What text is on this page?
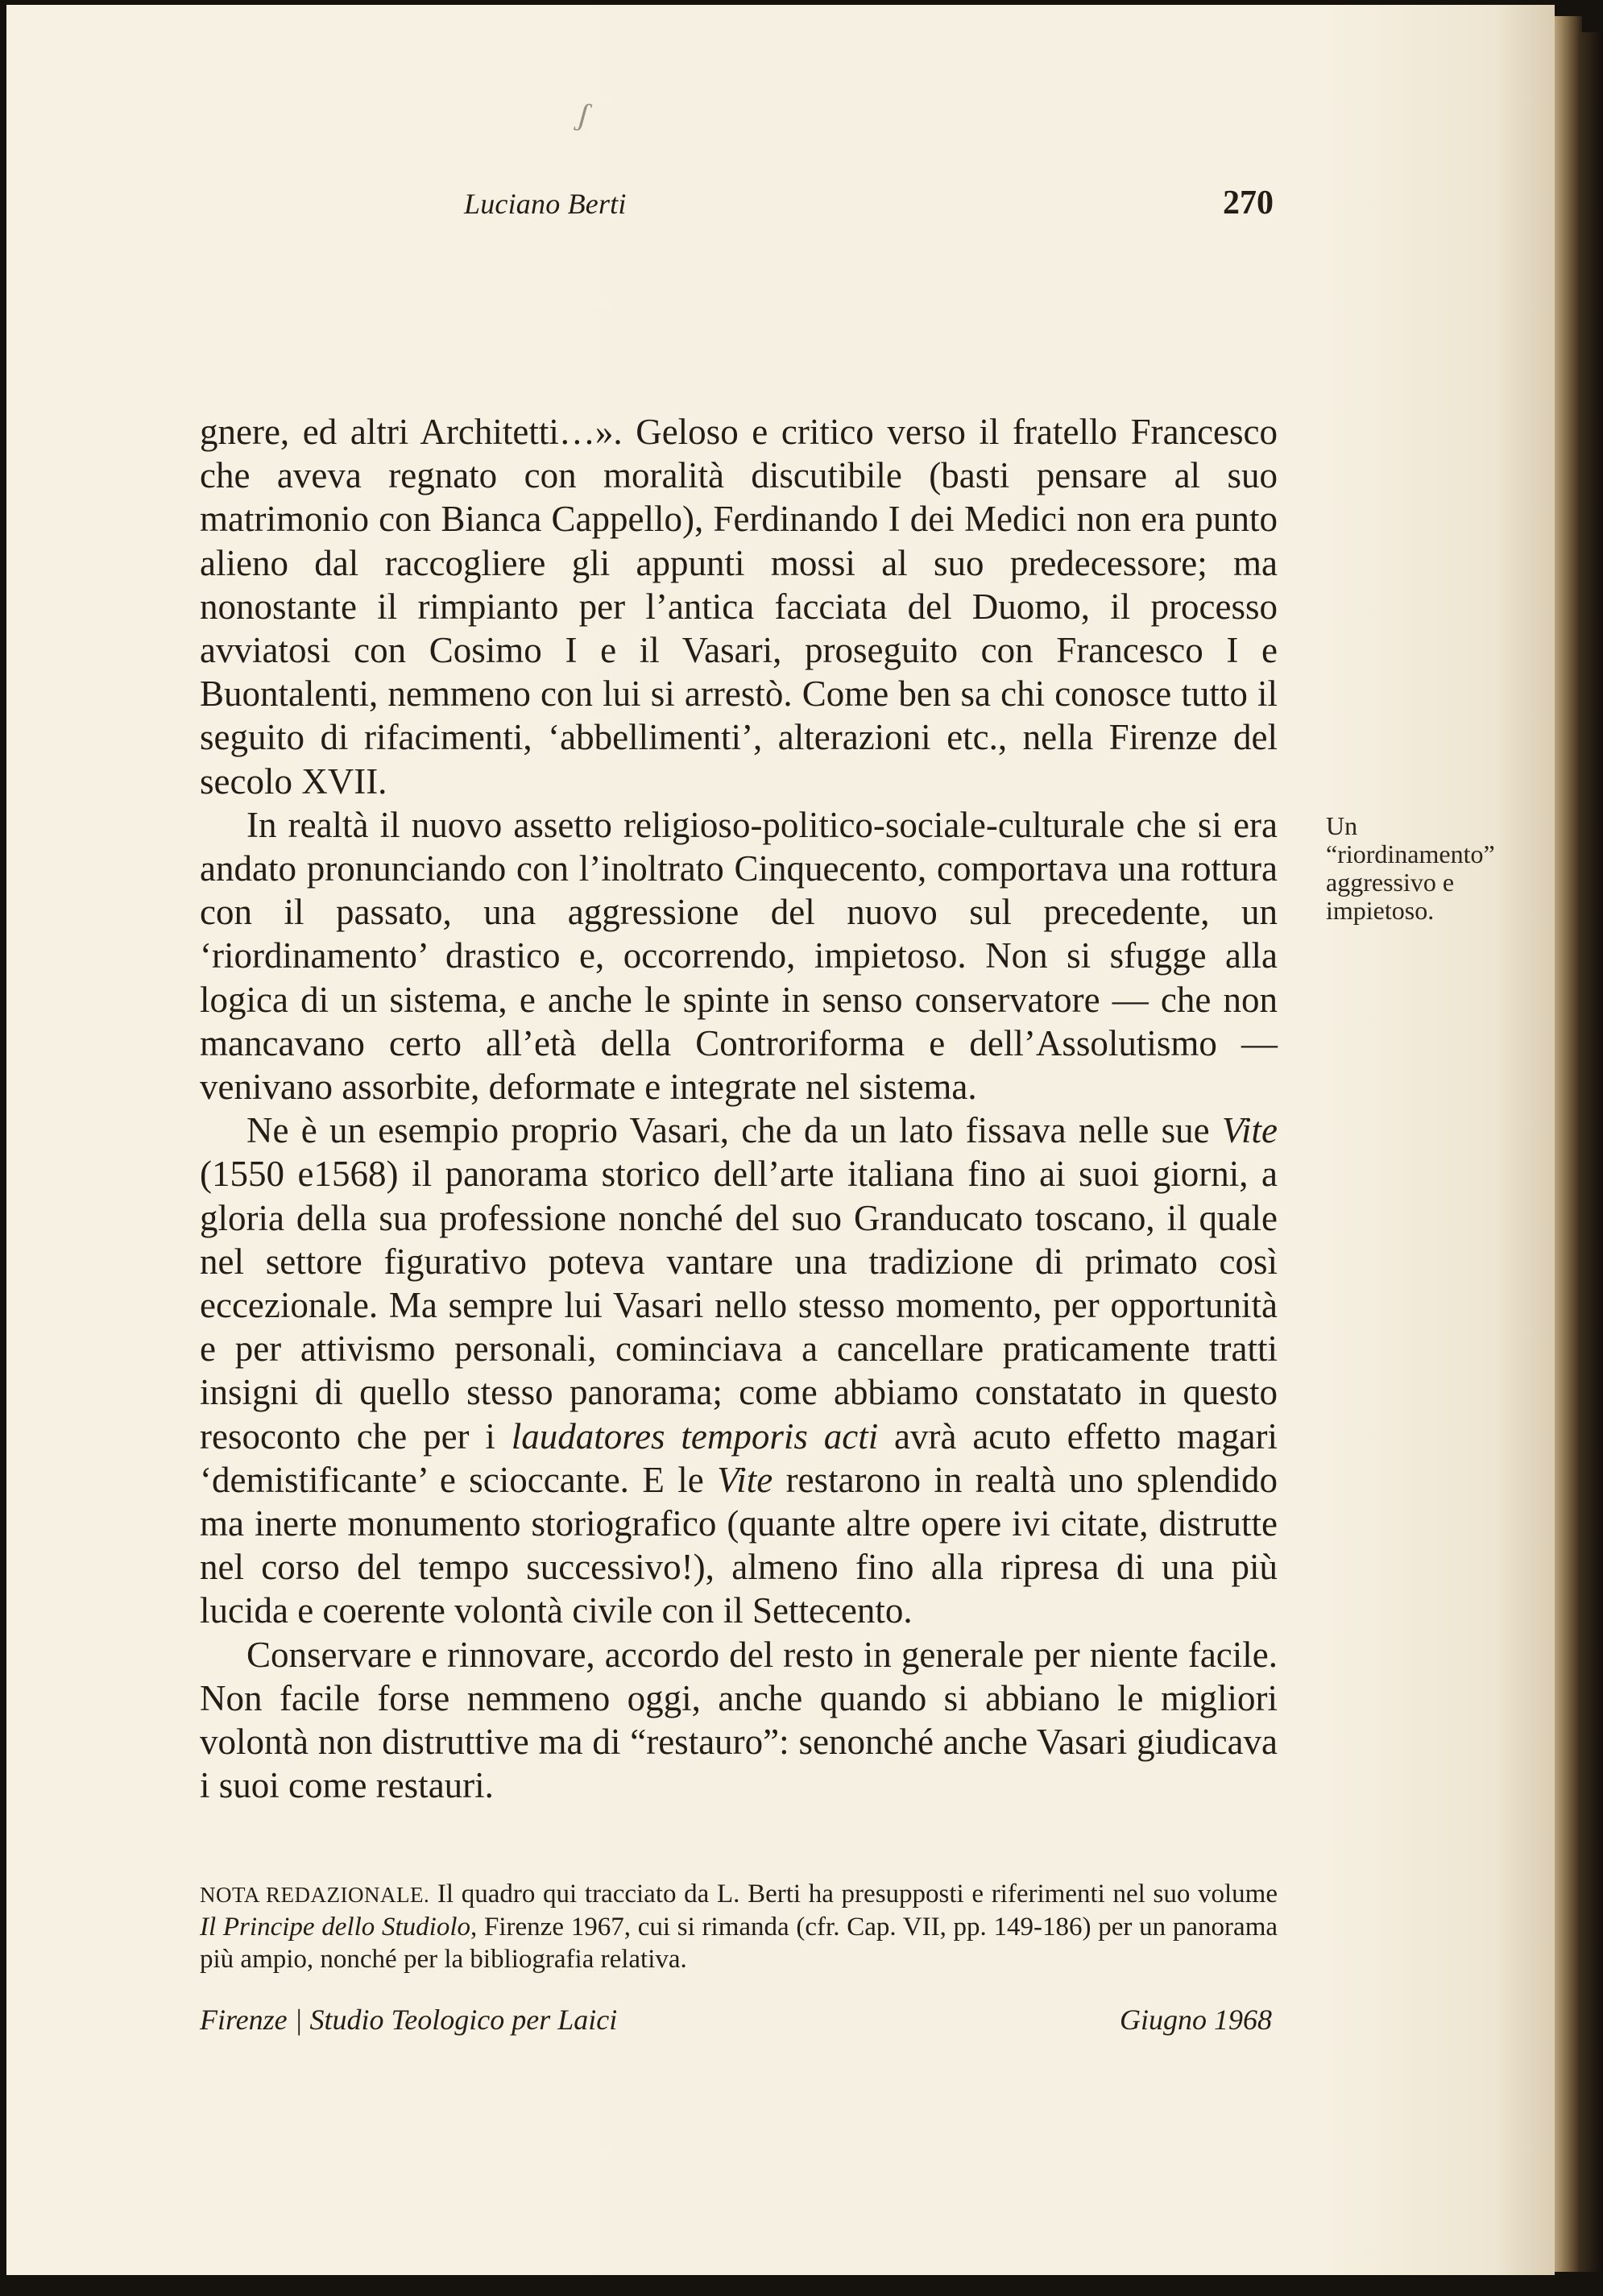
ʃ
Luciano Berti	270

gnere, ed altri Architetti…». Geloso e critico verso il fratello Francesco che aveva regnato con moralità discutibile (basti pensare al suo matrimonio con Bianca Cappello), Ferdinando I dei Medici non era punto alieno dal raccogliere gli appunti mossi al suo predecessore; ma nonostante il rimpianto per l’antica facciata del Duomo, il processo avviatosi con Cosimo I e il Vasari, proseguito con Francesco I e Buontalenti, nemmeno con lui si arrestò. Come ben sa chi conosce tutto il seguito di rifacimenti, ‘abbellimenti’, alterazioni etc., nella Firenze del secolo XVII.

In realtà il nuovo assetto religioso-politico-sociale-culturale che si era andato pronunciando con l’inoltrato Cinquecento, comportava una rottura con il passato, una aggressione del nuovo sul precedente, un ‘riordinamento’ drastico e, occorrendo, impietoso. Non si sfugge alla logica di un sistema, e anche le spinte in senso conservatore — che non mancavano certo all’età della Controriforma e dell’Assolutismo — venivano assorbite, deformate e integrate nel sistema.

Ne è un esempio proprio Vasari, che da un lato fissava nelle sue Vite (1550 e1568) il panorama storico dell’arte italiana fino ai suoi giorni, a gloria della sua professione nonché del suo Granducato toscano, il quale nel settore figurativo poteva vantare una tradizione di primato così eccezionale. Ma sempre lui Vasari nello stesso momento, per opportunità e per attivismo personali, cominciava a cancellare praticamente tratti insigni di quello stesso panorama; come abbiamo constatato in questo resoconto che per i laudatores temporis acti avrà acuto effetto magari ‘demistificante’ e scioccante. E le Vite restarono in realtà uno splendido ma inerte monumento storiografico (quante altre opere ivi citate, distrutte nel corso del tempo successivo!), almeno fino alla ripresa di una più lucida e coerente volontà civile con il Settecento.

Conservare e rinnovare, accordo del resto in generale per niente facile. Non facile forse nemmeno oggi, anche quando si abbiano le migliori volontà non distruttive ma di “restauro”: senonché anche Vasari giudicava i suoi come restauri.

Un “riordinamento” aggressivo e impietoso.
NOTA REDAZIONALE. Il quadro qui tracciato da L. Berti ha presupposti e riferimenti nel suo volume Il Principe dello Studiolo, Firenze 1967, cui si rimanda (cfr. Cap. VII, pp. 149-186) per un panorama più ampio, nonché per la bibliografia relativa.
Firenze | Studio Teologico per Laici	Giugno 1968
